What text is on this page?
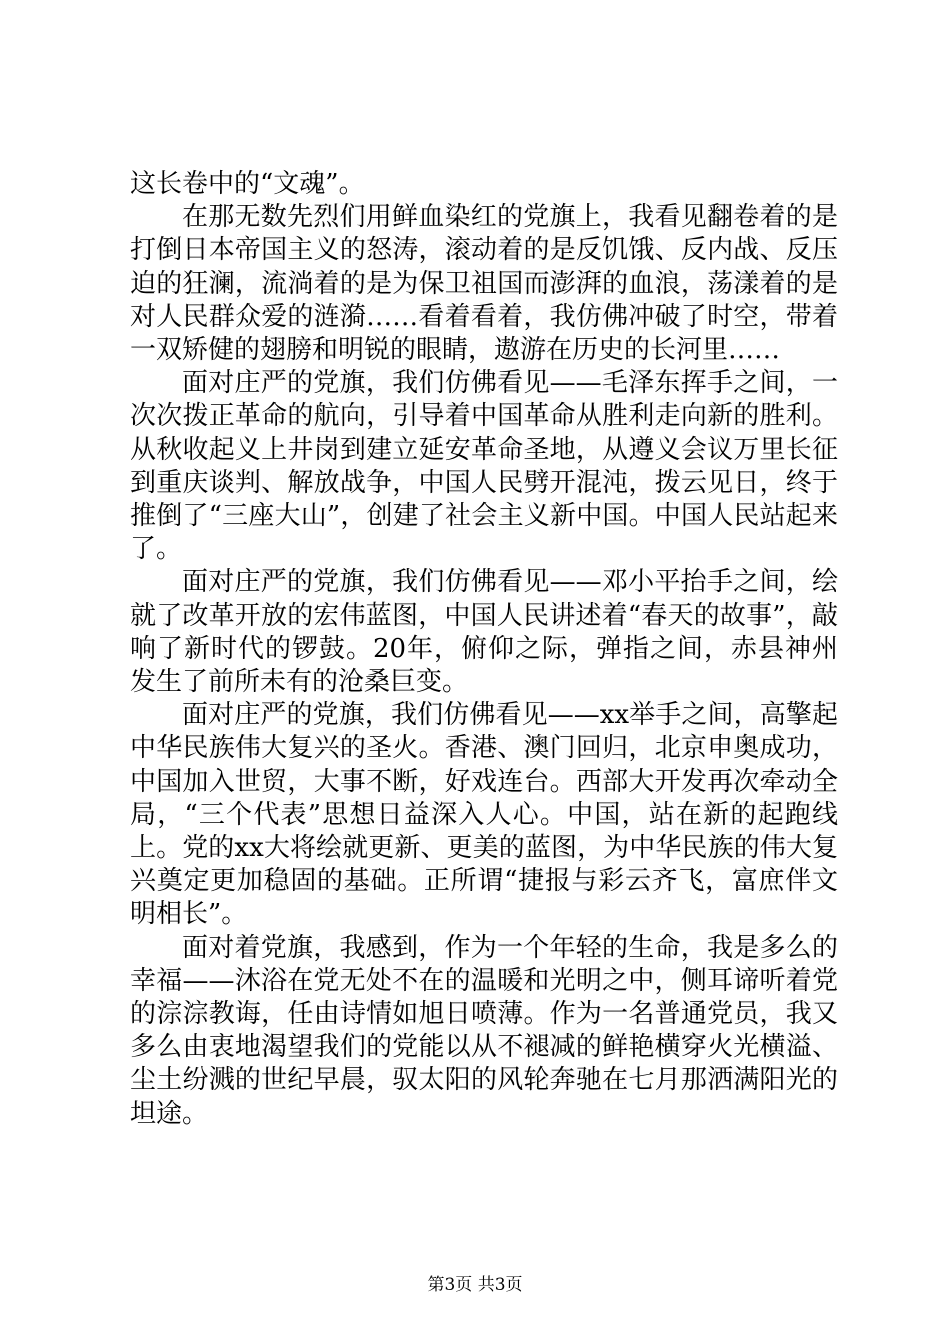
这长卷中的“文魂”。

在那无数先烈们用鲜血染红的党旗上，我看见翻卷着的是打倒日本帝国主义的怒涛，滚动着的是反饥饿、反内战、反压迫的狂澜，流淌着的是为保卫祖国而澎湃的血浪，荡漾着的是对人民群众爱的涟漪……看着看着，我仿佛冲破了时空，带着一双矫健的翅膀和明锐的眼睛，遨游在历史的长河里……

面对庄严的党旗，我们仿佛看见——毛泽东挥手之间，一次次拨正革命的航向，引导着中国革命从胜利走向新的胜利。从秋收起义上井岗到建立延安革命圣地，从遵义会议万里长征到重庆谈判、解放战争，中国人民劈开混沌，拨云见日，终于推倒了“三座大山”，创建了社会主义新中国。中国人民站起来了。

面对庄严的党旗，我们仿佛看见——邓小平抬手之间，绘就了改革开放的宏伟蓝图，中国人民讲述着“春天的故事”，敲响了新时代的锣鼓。20年，俯仰之际，弹指之间，赤县神州发生了前所未有的沧桑巨变。

面对庄严的党旗，我们仿佛看见——xx举手之间，高擎起中华民族伟大复兴的圣火。香港、澳门回归，北京申奥成功，中国加入世贸，大事不断，好戏连台。西部大开发再次牵动全局，“三个代表”思想日益深入人心。中国，站在新的起跑线上。党的xx大将绘就更新、更美的蓝图，为中华民族的伟大复兴奠定更加稳固的基础。正所谓“捷报与彩云齐飞，富庶伴文明相长”。

面对着党旗，我感到，作为一个年轻的生命，我是多么的幸福——沐浴在党无处不在的温暖和光明之中，侧耳谛听着党的淙淙教诲，任由诗情如旭日喷薄。作为一名普通党员，我又多么由衷地渴望我们的党能以从不褪减的鲜艳横穿火光横溢、尘土纷溅的世纪早晨，驭太阳的风轮奔驰在七月那洒满阳光的坦途。

第3页 共3页
